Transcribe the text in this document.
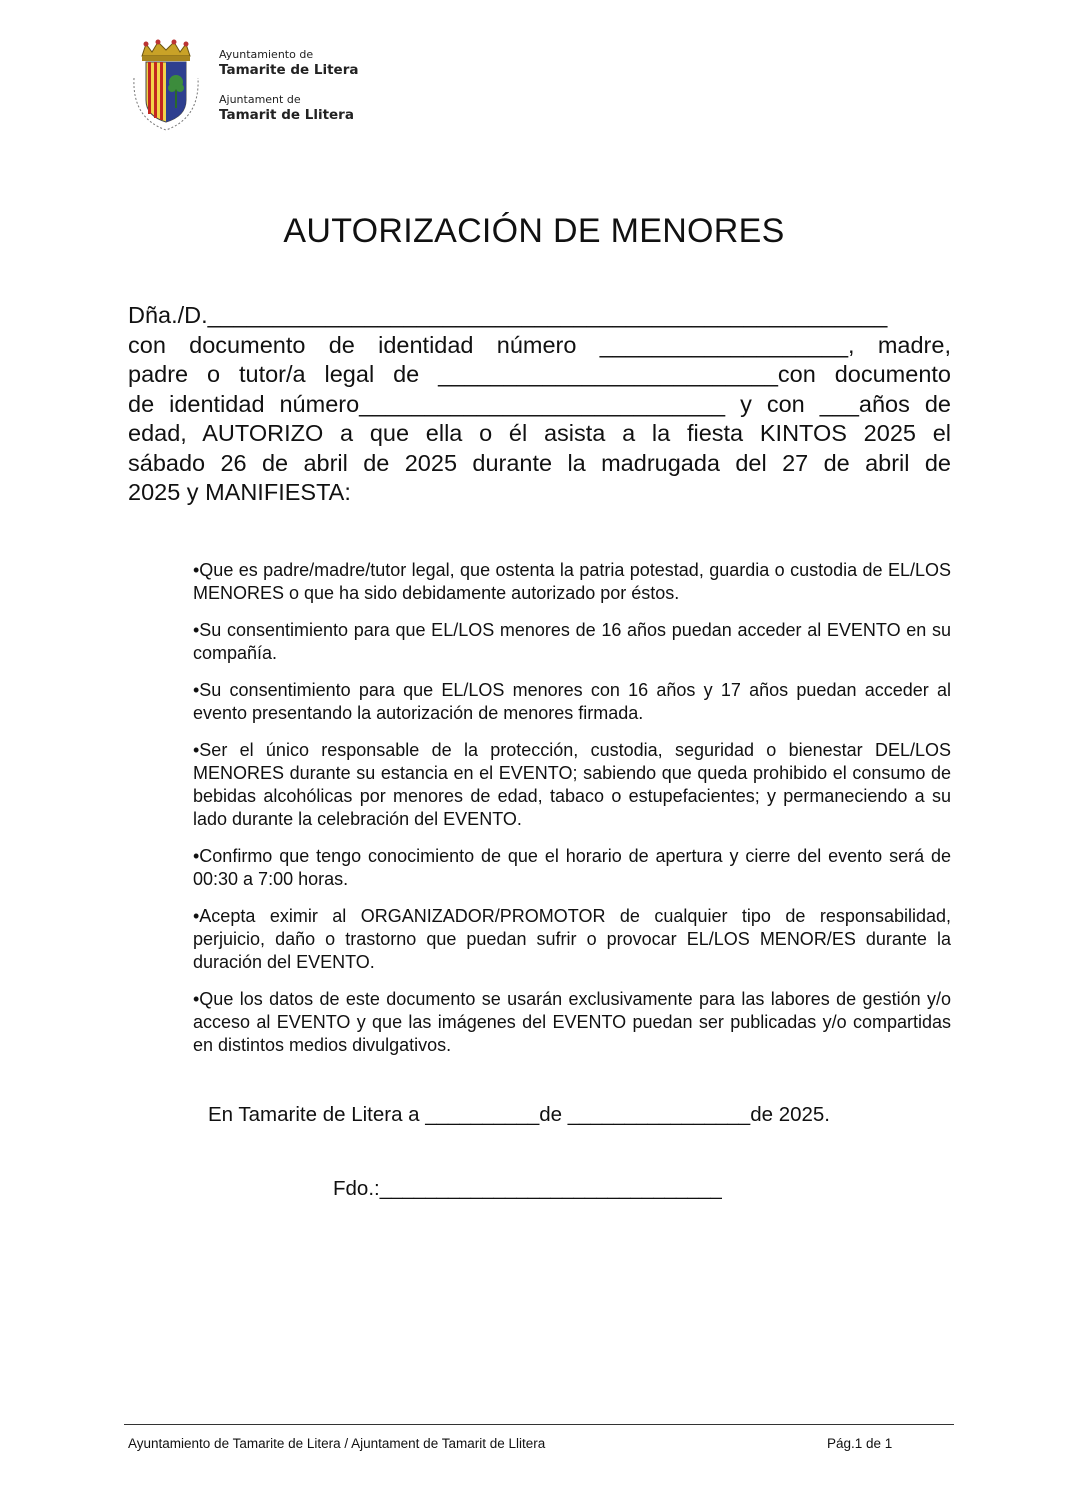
Ayuntamiento de
Tamarite de Litera
Ajuntament de
Tamarit de Llitera
AUTORIZACIÓN DE MENORES
Dña./D.____________________________________________________
con documento de identidad número ___________________, madre,
padre o tutor/a legal de __________________________con documento
de identidad número____________________________ y con ___años de
edad, AUTORIZO a que ella o él asista a la fiesta KINTOS 2025 el
sábado 26 de abril de 2025 durante la madrugada del 27 de abril de
2025 y MANIFIESTA:
•Que es padre/madre/tutor legal, que ostenta la patria potestad, guardia o custodia de EL/LOS MENORES o que ha sido debidamente autorizado por éstos.
•Su consentimiento para que EL/LOS menores de 16 años puedan acceder al EVENTO en su compañía.
•Su consentimiento para que EL/LOS menores con 16 años y 17 años puedan acceder al evento presentando la autorización de menores firmada.
•Ser el único responsable de la protección, custodia, seguridad o bienestar DEL/LOS MENORES durante su estancia en el EVENTO; sabiendo que queda prohibido el consumo de bebidas alcohólicas por menores de edad, tabaco o estupefacientes; y permaneciendo a su lado durante la celebración del EVENTO.
•Confirmo que tengo conocimiento de que el horario de apertura y cierre del evento será de 00:30 a 7:00 horas.
•Acepta eximir al ORGANIZADOR/PROMOTOR de cualquier tipo de responsabilidad, perjuicio, daño o trastorno que puedan sufrir o provocar EL/LOS MENOR/ES durante la duración del EVENTO.
•Que los datos de este documento se usarán exclusivamente para las labores de gestión y/o acceso al EVENTO y que las imágenes del EVENTO puedan ser publicadas y/o compartidas en distintos medios divulgativos.
En Tamarite de Litera a __________de ________________de 2025.
Fdo.:______________________________
Ayuntamiento de Tamarite de Litera / Ajuntament de Tamarit de Llitera	Pág.1 de 1
